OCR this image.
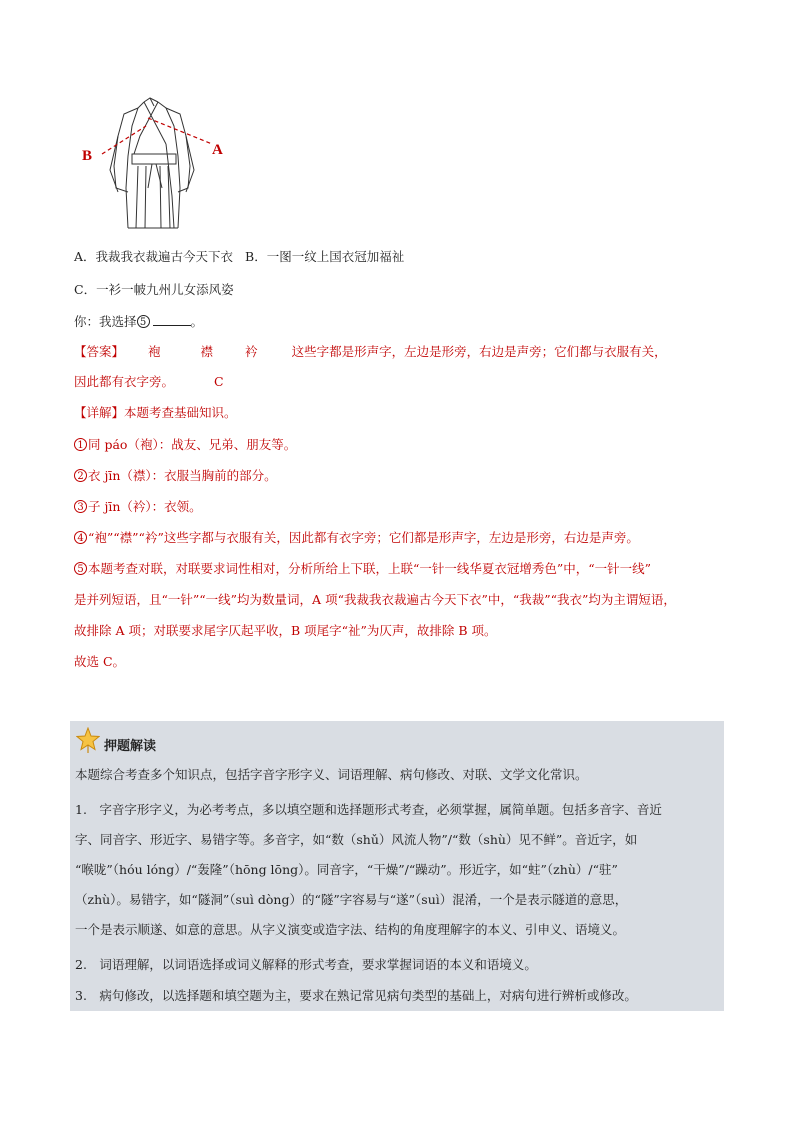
A
B
A．我裁我衣裁遍古今天下衣 B．一图一纹上国衣冠加福祉
C．一衫一帔九州儿女添风姿
你：我选择 5	。
【答案】 袍	襟	衿	这些字都是形声字，左边是形旁，右边是声旁；它们都与衣服有关，
因此都有衣字旁。	C
【详解】本题考查基础知识。
1 同 páo（袍）：战友、兄弟、朋友等。
2 衣 jīn（襟）：衣服当胸前的部分。
3 子 jīn（衿）：衣领。
4 “袍”“襟”“衿”这些字都与衣服有关，因此都有衣字旁；它们都是形声字，左边是形旁，右边是声旁。
5 本题考查对联，对联要求词性相对，分析所给上下联，上联“一针一线华夏衣冠增秀色”中，“一针一线”
是并列短语，且“一针”“一线”均为数量词，A 项“我裁我衣裁遍古今天下衣”中，“我裁”“我衣”均为主谓短语，
故排除 A 项；对联要求尾字仄起平收，B 项尾字“祉”为仄声，故排除 B 项。
故选 C。
押题解读
本题综合考查多个知识点，包括字音字形字义、词语理解、病句修改、对联、文学文化常识。
1.　字音字形字义，为必考考点，多以填空题和选择题形式考查，必须掌握，属简单题。包括多音字、音近
字、同音字、形近字、易错字等。多音字，如“数（shǔ）风流人物”/“数（shù）见不鲜”。音近字，如
“喉咙”（hóu lóng）/“轰隆”（hōng lōng）。同音字，“干燥”/“躁动”。形近字，如“蛀”（zhù）/“驻”
（zhù）。易错字，如“隧洞”（suì dòng）的“隧”字容易与“遂”（suì）混淆，一个是表示隧道的意思，
一个是表示顺遂、如意的意思。从字义演变或造字法、结构的角度理解字的本义、引申义、语境义。
2.　词语理解，以词语选择或词义解释的形式考查，要求掌握词语的本义和语境义。
3.　病句修改，以选择题和填空题为主，要求在熟记常见病句类型的基础上，对病句进行辨析或修改。
